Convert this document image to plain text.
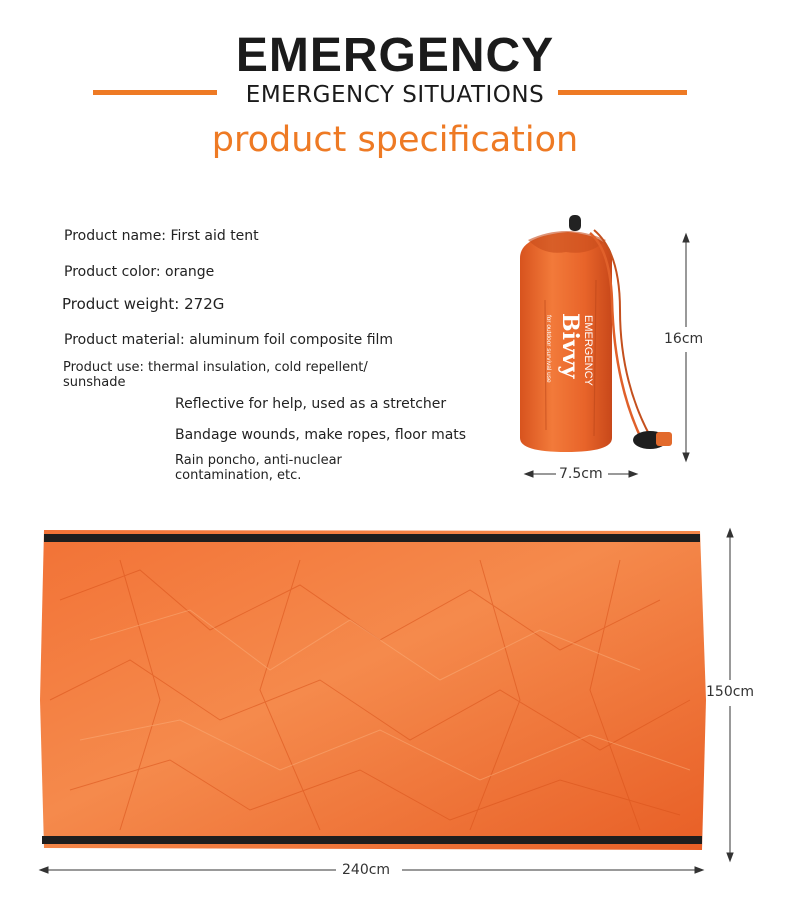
EMERGENCY
EMERGENCY SITUATIONS
product specification
Product name: First aid tent
Product color: orange
Product weight: 272G
Product material: aluminum foil composite film
Product use: thermal insulation, cold repellent/
sunshade
Reflective for help, used as a stretcher
Bandage wounds, make ropes, floor mats
Rain poncho, anti-nuclear
contamination, etc.
EMERGENCY
Bivvy
for outdoor survival use	16cm
7.5cm
150cm
240cm
